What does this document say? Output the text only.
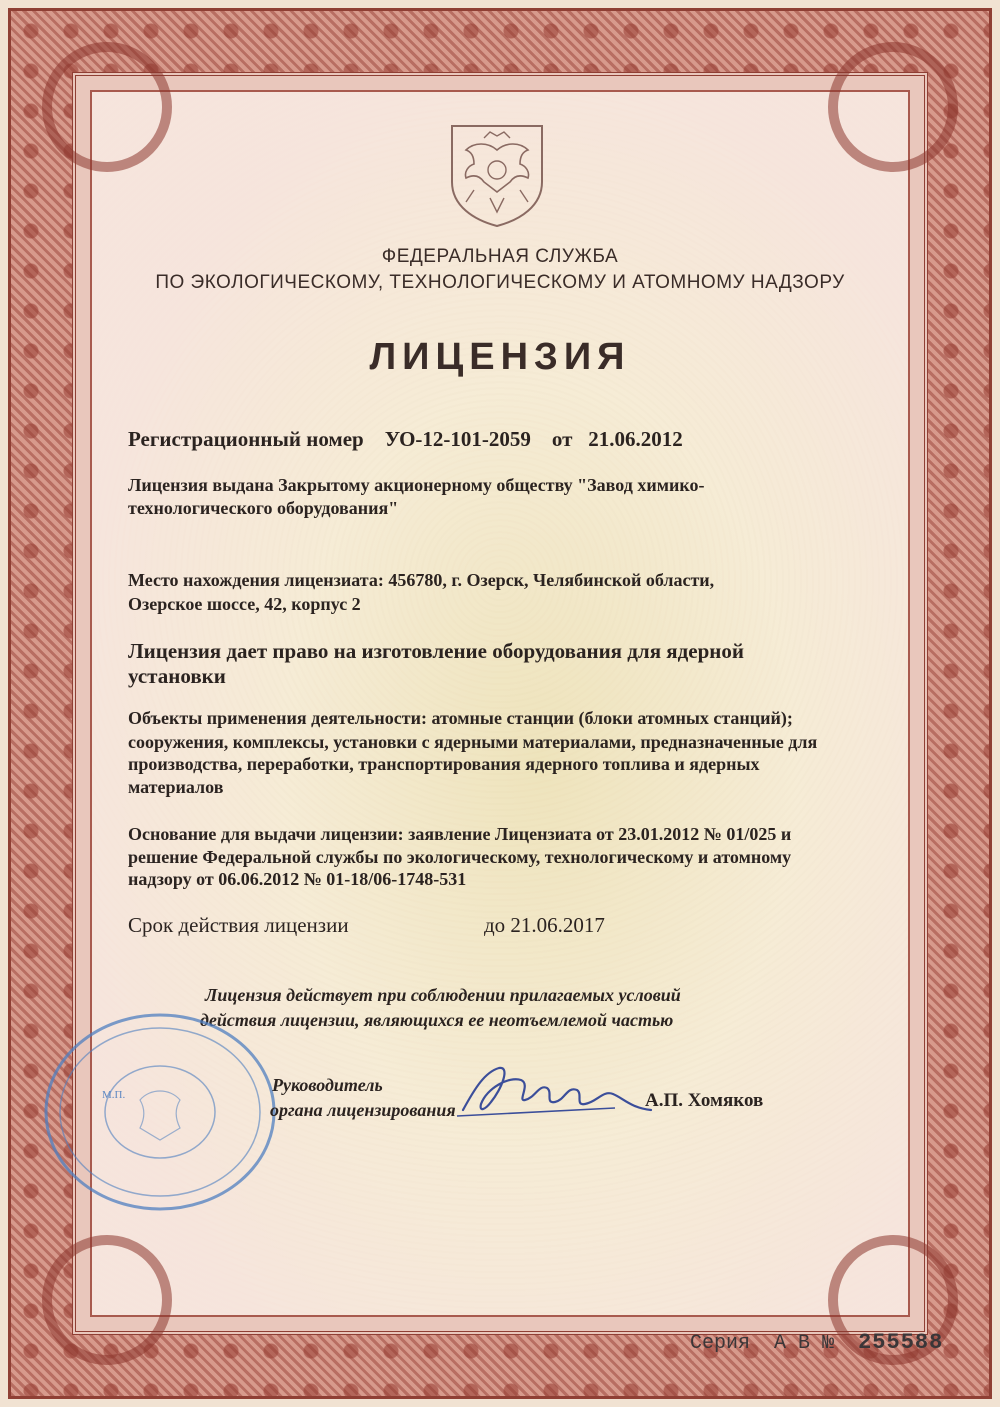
ФЕДЕРАЛЬНАЯ СЛУЖБА
ПО ЭКОЛОГИЧЕСКОМУ, ТЕХНОЛОГИЧЕСКОМУ И АТОМНОМУ НАДЗОРУ
ЛИЦЕНЗИЯ
Регистрационный номер УО-12-101-2059 от 21.06.2012
Лицензия выдана Закрытому акционерному обществу "Завод химико-
технологического оборудования"
Место нахождения лицензиата: 456780, г. Озерск, Челябинской области,
Озерское шоссе, 42, корпус 2
Лицензия дает право на изготовление оборудования для ядерной
установки
Объекты применения деятельности: атомные станции (блоки атомных станций);
сооружения, комплексы, установки с ядерными материалами, предназначенные для
производства, переработки, транспортирования ядерного топлива и ядерных
материалов
Основание для выдачи лицензии: заявление Лицензиата от 23.01.2012 № 01/025 и
решение Федеральной службы по экологическому, технологическому и атомному
надзору от 06.06.2012 № 01-18/06-1748-531
Срок действия лицензии	до 21.06.2017
Лицензия действует при соблюдении прилагаемых условий
действия лицензии, являющихся ее неотъемлемой частью
М.П.	Руководитель
органа лицензирования	А.П. Хомяков
Серия А В № 255588
